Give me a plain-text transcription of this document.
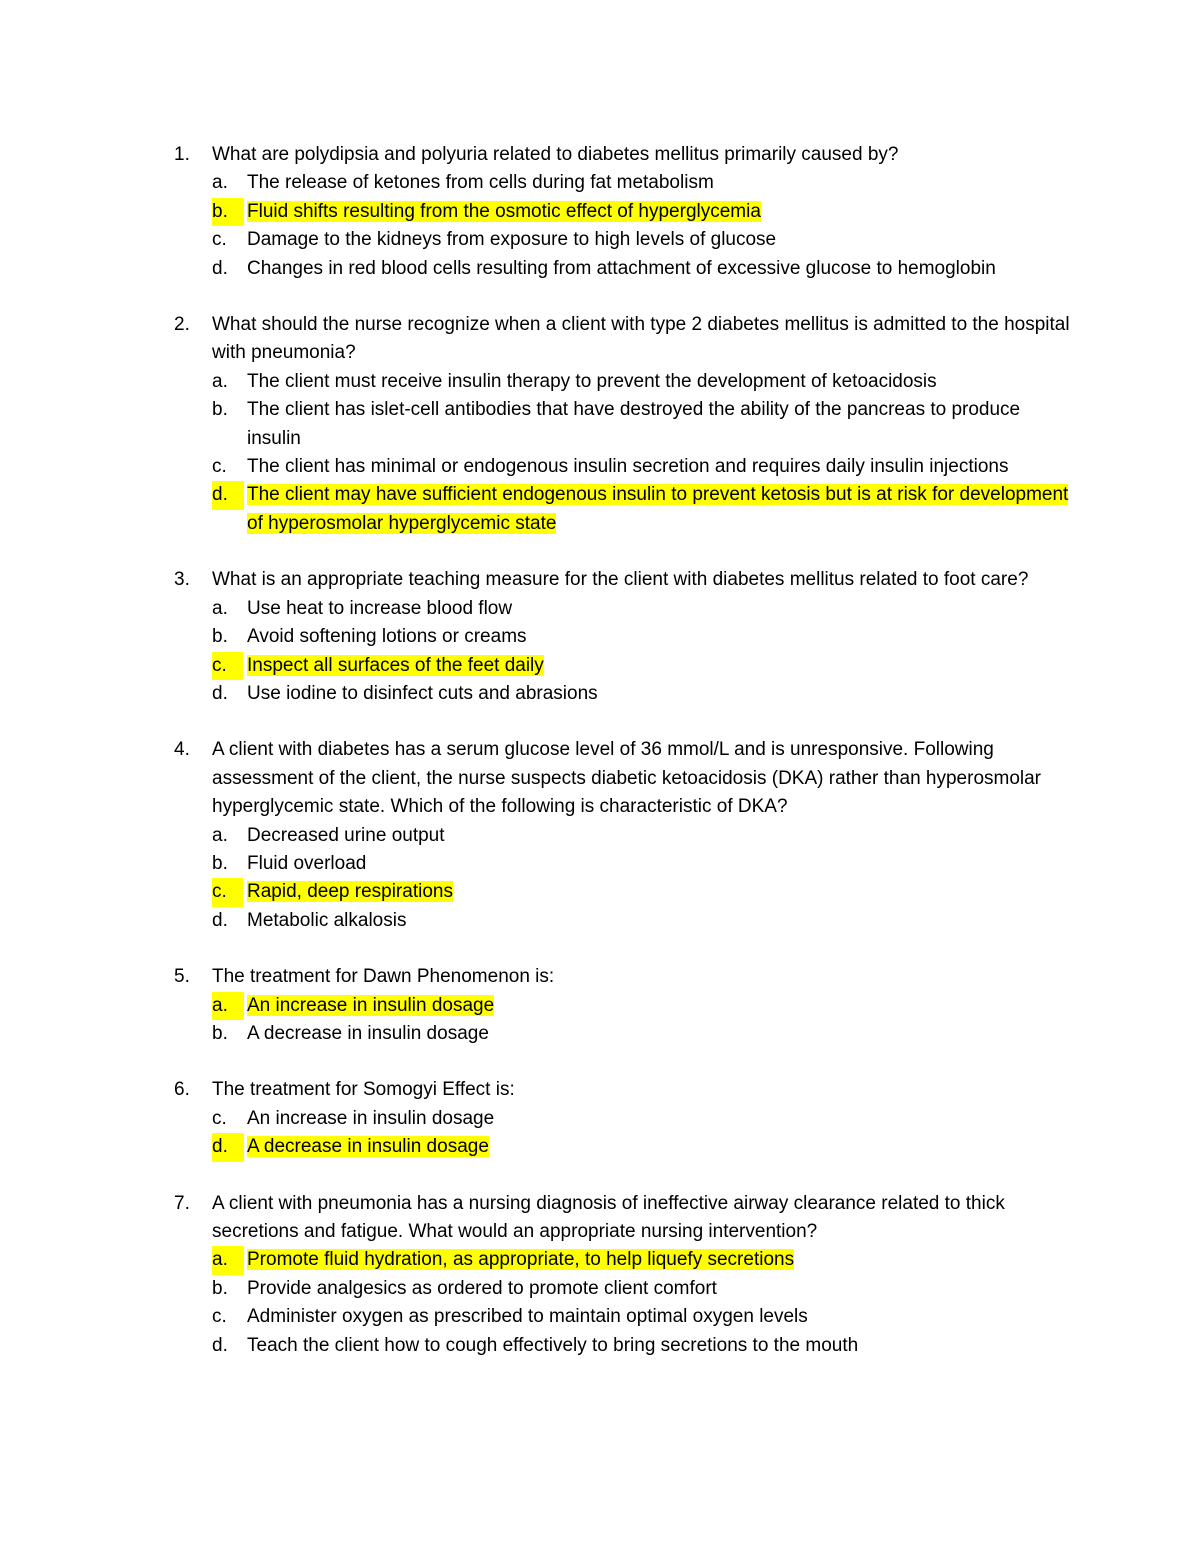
1. What are polydipsia and polyuria related to diabetes mellitus primarily caused by?
a. The release of ketones from cells during fat metabolism
b.	Fluid shifts resulting from the osmotic effect of hyperglycemia
c. Damage to the kidneys from exposure to high levels of glucose
d. Changes in red blood cells resulting from attachment of excessive glucose to hemoglobin
2. What should the nurse recognize when a client with type 2 diabetes mellitus is admitted to the hospital with pneumonia?
a. The client must receive insulin therapy to prevent the development of ketoacidosis
b. The client has islet-cell antibodies that have destroyed the ability of the pancreas to produce insulin
c. The client has minimal or endogenous insulin secretion and requires daily insulin injections
d.	The client may have sufficient endogenous insulin to prevent ketosis but is at risk for development of hyperosmolar hyperglycemic state
3. What is an appropriate teaching measure for the client with diabetes mellitus related to foot care?
a. Use heat to increase blood flow
b. Avoid softening lotions or creams
c.	Inspect all surfaces of the feet daily
d. Use iodine to disinfect cuts and abrasions
4. A client with diabetes has a serum glucose level of 36 mmol/L and is unresponsive. Following assessment of the client, the nurse suspects diabetic ketoacidosis (DKA) rather than hyperosmolar hyperglycemic state. Which of the following is characteristic of DKA?
a. Decreased urine output
b. Fluid overload
c.	Rapid, deep respirations
d. Metabolic alkalosis
5. The treatment for Dawn Phenomenon is:
a.	An increase in insulin dosage
b. A decrease in insulin dosage
6. The treatment for Somogyi Effect is:
c. An increase in insulin dosage
d.	A decrease in insulin dosage
7. A client with pneumonia has a nursing diagnosis of ineffective airway clearance related to thick secretions and fatigue. What would an appropriate nursing intervention?
a.	Promote fluid hydration, as appropriate, to help liquefy secretions
b. Provide analgesics as ordered to promote client comfort
c. Administer oxygen as prescribed to maintain optimal oxygen levels
d. Teach the client how to cough effectively to bring secretions to the mouth
